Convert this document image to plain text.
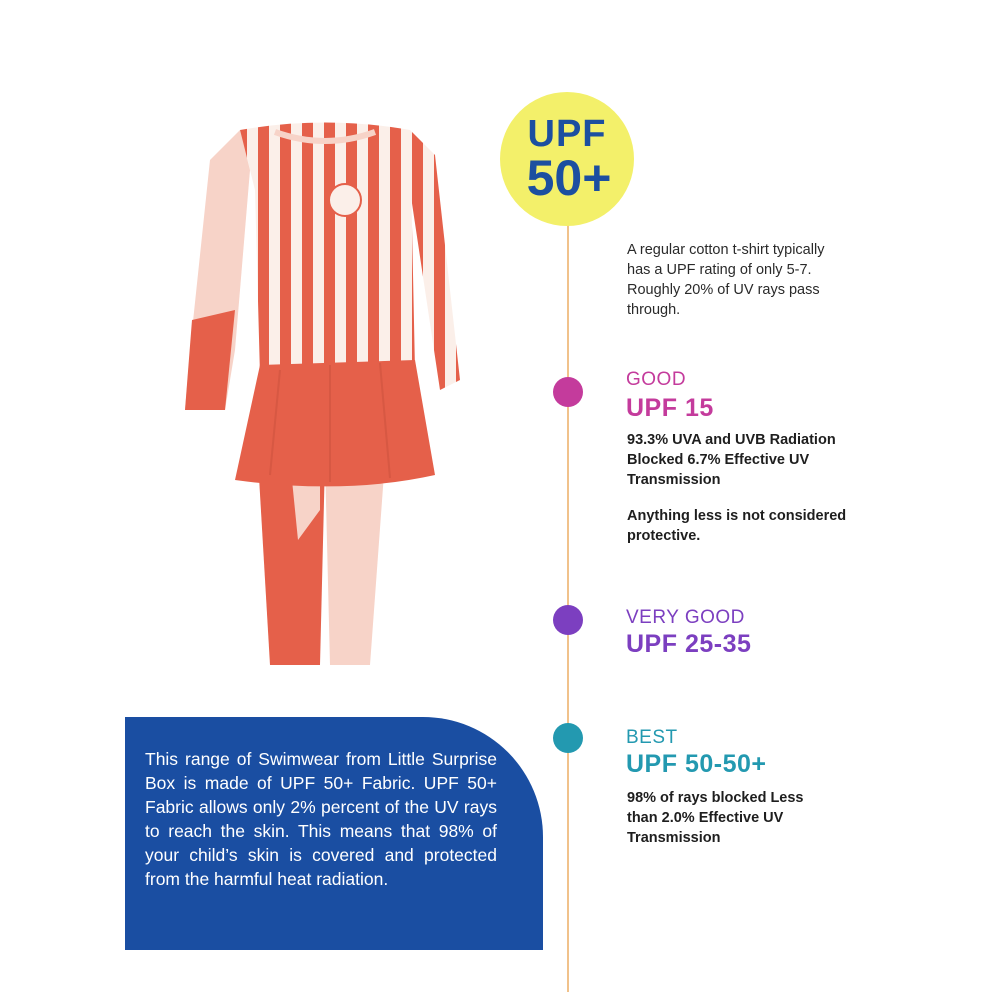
UPF
50+
A regular cotton t-shirt typically has a UPF rating of only 5-7. Roughly 20% of UV rays pass through.
GOOD
UPF 15
93.3% UVA and UVB Radiation Blocked 6.7% Effective UV Transmission
Anything less is not considered protective.
VERY GOOD
UPF 25-35
BEST
UPF 50-50+
98% of rays blocked Less than 2.0% Effective UV Transmission
This range of Swimwear from Little Surprise Box is made of UPF 50+ Fabric. UPF 50+ Fabric allows only 2% percent of the UV rays to reach the skin. This means that 98% of your child’s skin is covered and protected from the harmful heat radiation.
